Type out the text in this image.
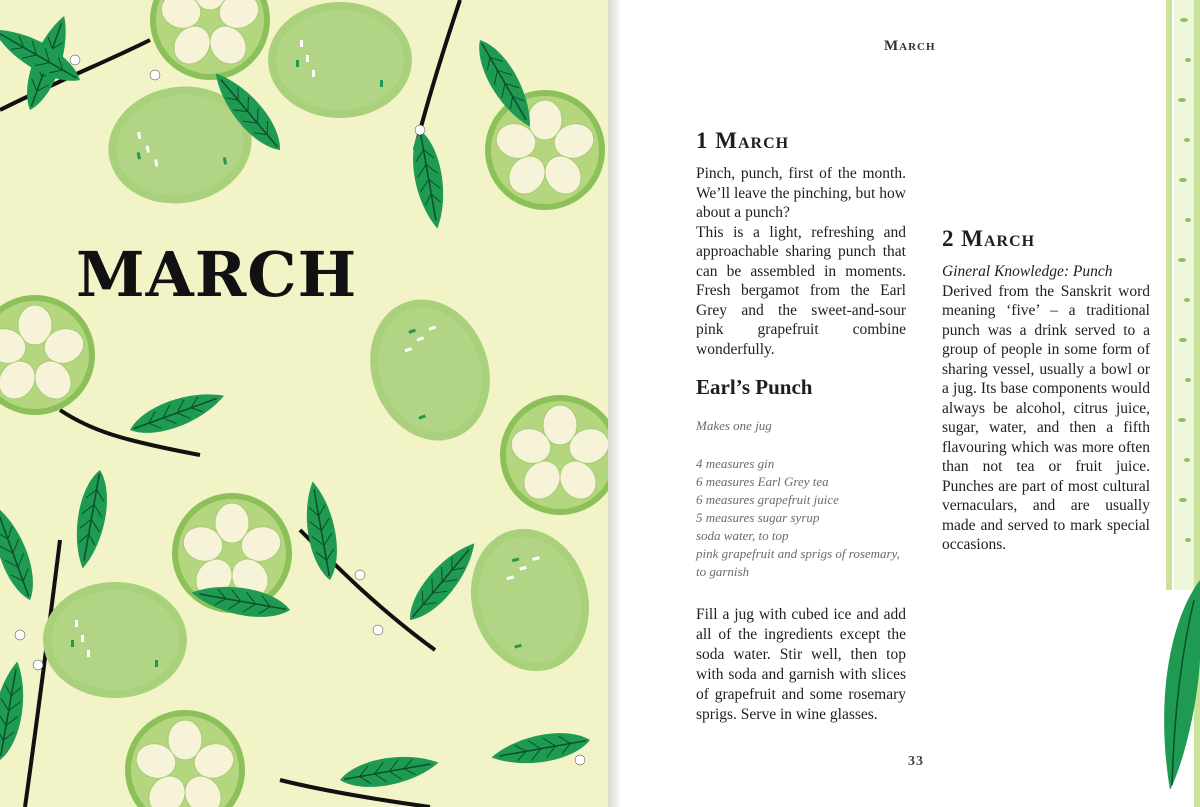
MARCH
March
1 March

Pinch, punch, first of the month. We’ll leave the pinching, but how about a punch?

This is a light, refreshing and approachable sharing punch that can be assembled in moments. Fresh bergamot from the Earl Grey and the sweet-and-sour pink grapefruit combine wonderfully.

Earl’s Punch

Makes one jug

4 measures gin
6 measures Earl Grey tea
6 measures grapefruit juice
5 measures sugar syrup
soda water, to top
pink grapefruit and sprigs of rosemary, to garnish

Fill a jug with cubed ice and add all of the ingredients except the soda water. Stir well, then top with soda and garnish with slices of grapefruit and some rosemary sprigs. Serve in wine glasses.

2 March

Gineral Knowledge: Punch

Derived from the Sanskrit word meaning ‘five’ – a traditional punch was a drink served to a group of people in some form of sharing vessel, usually a bowl or a jug. Its base components would always be alcohol, citrus juice, sugar, water, and then a fifth flavouring which was more often than not tea or fruit juice. Punches are part of most cultural vernaculars, and are usually made and served to mark special occasions.

33
